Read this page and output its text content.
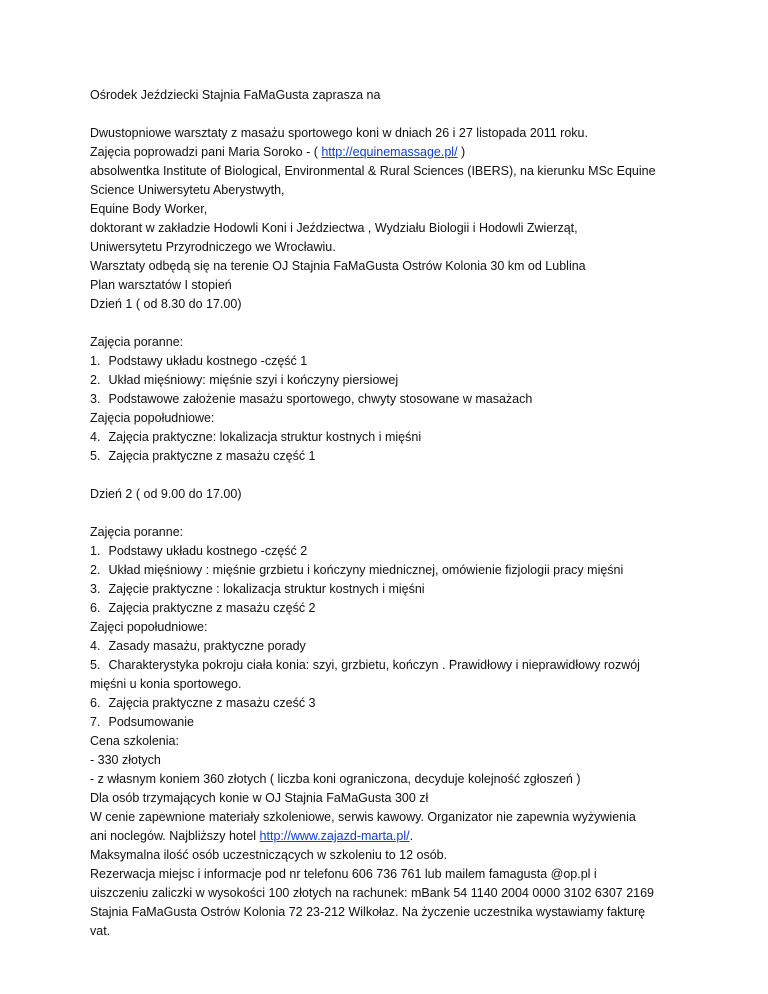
Ośrodek Jeździecki Stajnia FaMaGusta zaprasza na
Dwustopniowe warsztaty z masażu sportowego koni w dniach 26 i 27 listopada 2011 roku.
Zajęcia poprowadzi pani Maria Soroko - ( http://equinemassage.pl/ )
absolwentka Institute of Biological, Environmental & Rural Sciences (IBERS), na kierunku MSc Equine
Science Uniwersytetu Aberystwyth,
Equine Body Worker,
doktorant w zakładzie Hodowli Koni i Jeździectwa , Wydziału Biologii i Hodowli Zwierząt,
Uniwersytetu Przyrodniczego we Wrocławiu.
Warsztaty odbędą się na terenie OJ Stajnia FaMaGusta Ostrów Kolonia 30 km od Lublina
Plan warsztatów I stopień
Dzień 1 ( od 8.30 do 17.00)
Zajęcia poranne:
1. Podstawy układu kostnego -część 1
2. Układ mięśniowy: mięśnie szyi i kończyny piersiowej
3. Podstawowe założenie masażu sportowego, chwyty stosowane w masażach
Zajęcia popołudniowe:
4. Zajęcia praktyczne: lokalizacja struktur kostnych i mięśni
5. Zajęcia praktyczne z masażu część 1
Dzień 2 ( od 9.00 do 17.00)
Zajęcia poranne:
1. Podstawy układu kostnego -część 2
2. Układ mięśniowy : mięśnie grzbietu i kończyny miednicznej, omówienie fizjologii pracy mięśni
3. Zajęcie praktyczne : lokalizacja struktur kostnych i mięśni
6. Zajęcia praktyczne z masażu część 2
Zajęci popołudniowe:
4. Zasady masażu, praktyczne porady
5. Charakterystyka pokroju ciała konia: szyi, grzbietu, kończyn . Prawidłowy i nieprawidłowy rozwój
mięśni u konia sportowego.
6. Zajęcia praktyczne z masażu cześć 3
7. Podsumowanie
Cena szkolenia:
- 330 złotych
- z własnym koniem 360 złotych ( liczba koni ograniczona, decyduje kolejność zgłoszeń )
Dla osób trzymających konie w OJ Stajnia FaMaGusta 300 zł
W cenie zapewnione materiały szkoleniowe, serwis kawowy. Organizator nie zapewnia wyżywienia
ani noclegów. Najbliższy hotel http://www.zajazd-marta.pl/.
Maksymalna ilość osób uczestniczących w szkoleniu to 12 osób.
Rezerwacja miejsc i informacje pod nr telefonu 606 736 761 lub mailem famagusta @op.pl i
uiszczeniu zaliczki w wysokości 100 złotych na rachunek: mBank 54 1140 2004 0000 3102 6307 2169
Stajnia FaMaGusta Ostrów Kolonia 72 23-212 Wilkołaz. Na życzenie uczestnika wystawiamy fakturę
vat.
